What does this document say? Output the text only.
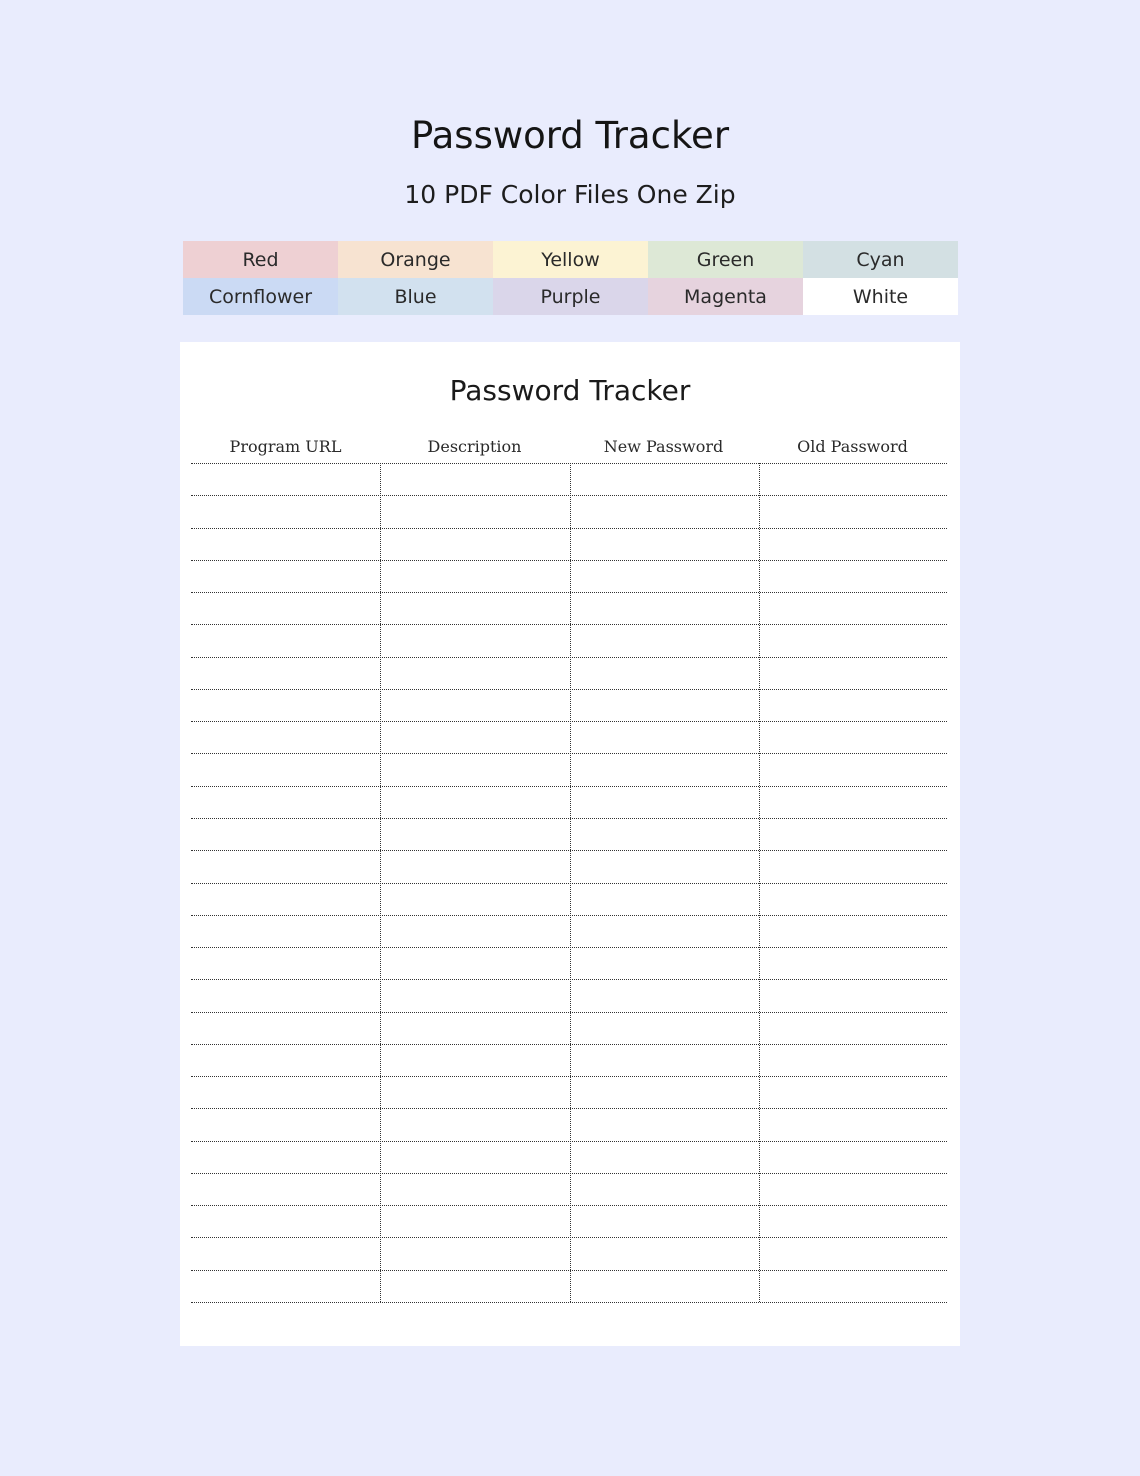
Password Tracker
10 PDF Color Files One Zip
Red	Orange	Yellow	Green	Cyan
Cornflower	Blue	Purple	Magenta	White
Password Tracker
Program URL	Description	New Password	Old Password
